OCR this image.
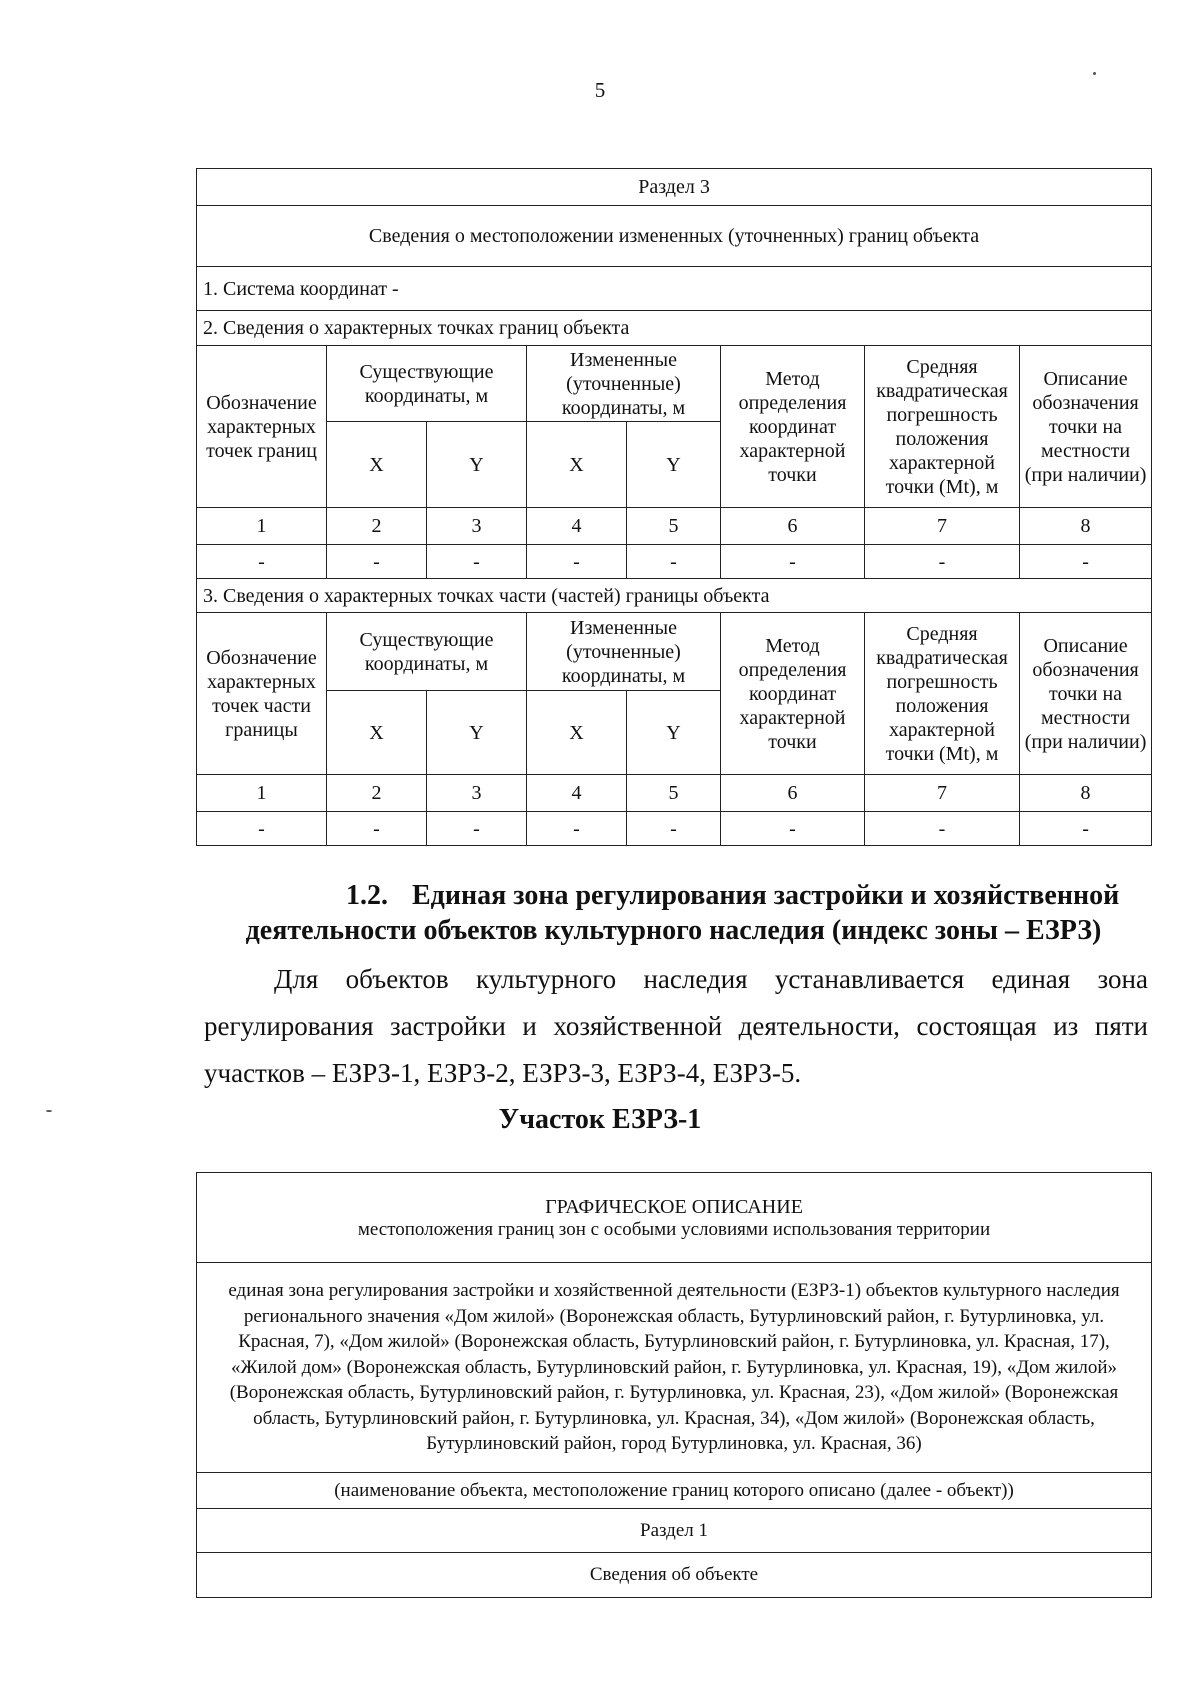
5
Раздел 3							
Сведения о местоположении измененных (уточненных) границ объекта							
1. Система координат -							
2. Сведения о характерных точках границ объекта							
Обозначение характерных точек границ	Существующие координаты, м		Измененные (уточненные) координаты, м		Метод определения координат характерной точки	Средняя квадратическая погрешность положения характерной точки (Mt), м	Описание обозначения точки на местности (при наличии)
	X	Y	X	Y			
1	2	3	4	5	6	7	8
-	-	-	-	-	-	-	-
3. Сведения о характерных точках части (частей) границы объекта							
Обозначение характерных точек части границы	Существующие координаты, м		Измененные (уточненные) координаты, м		Метод определения координат характерной точки	Средняя квадратическая погрешность положения характерной точки (Mt), м	Описание обозначения точки на местности (при наличии)
	X	Y	X	Y			
1	2	3	4	5	6	7	8
-	-	-	-	-	-	-	-
1.2. Единая зона регулирования застройки и хозяйственной
деятельности объектов культурного наследия (индекс зоны – ЕЗРЗ)

Для объектов культурного наследия устанавливается единая зона регулирования застройки и хозяйственной деятельности, состоящая из пяти участков – ЕЗРЗ-1, ЕЗРЗ-2, ЕЗРЗ-3, ЕЗРЗ-4, ЕЗРЗ-5.

Участок ЕЗРЗ-1
ГРАФИЧЕСКОЕ ОПИСАНИЕ
местоположения границ зон с особыми условиями использования территории

единая зона регулирования застройки и хозяйственной деятельности (ЕЗРЗ-1) объектов культурного наследия регионального значения «Дом жилой» (Воронежская область, Бутурлиновский район, г. Бутурлиновка, ул. Красная, 7), «Дом жилой» (Воронежская область, Бутурлиновский район, г. Бутурлиновка, ул. Красная, 17), «Жилой дом» (Воронежская область, Бутурлиновский район, г. Бутурлиновка, ул. Красная, 19), «Дом жилой» (Воронежская область, Бутурлиновский район, г. Бутурлиновка, ул. Красная, 23), «Дом жилой» (Воронежская область, Бутурлиновский район, г. Бутурлиновка, ул. Красная, 34), «Дом жилой» (Воронежская область, Бутурлиновский район, город Бутурлиновка, ул. Красная, 36)
(наименование объекта, местоположение границ которого описано (далее - объект))
Раздел 1
Сведения об объекте
